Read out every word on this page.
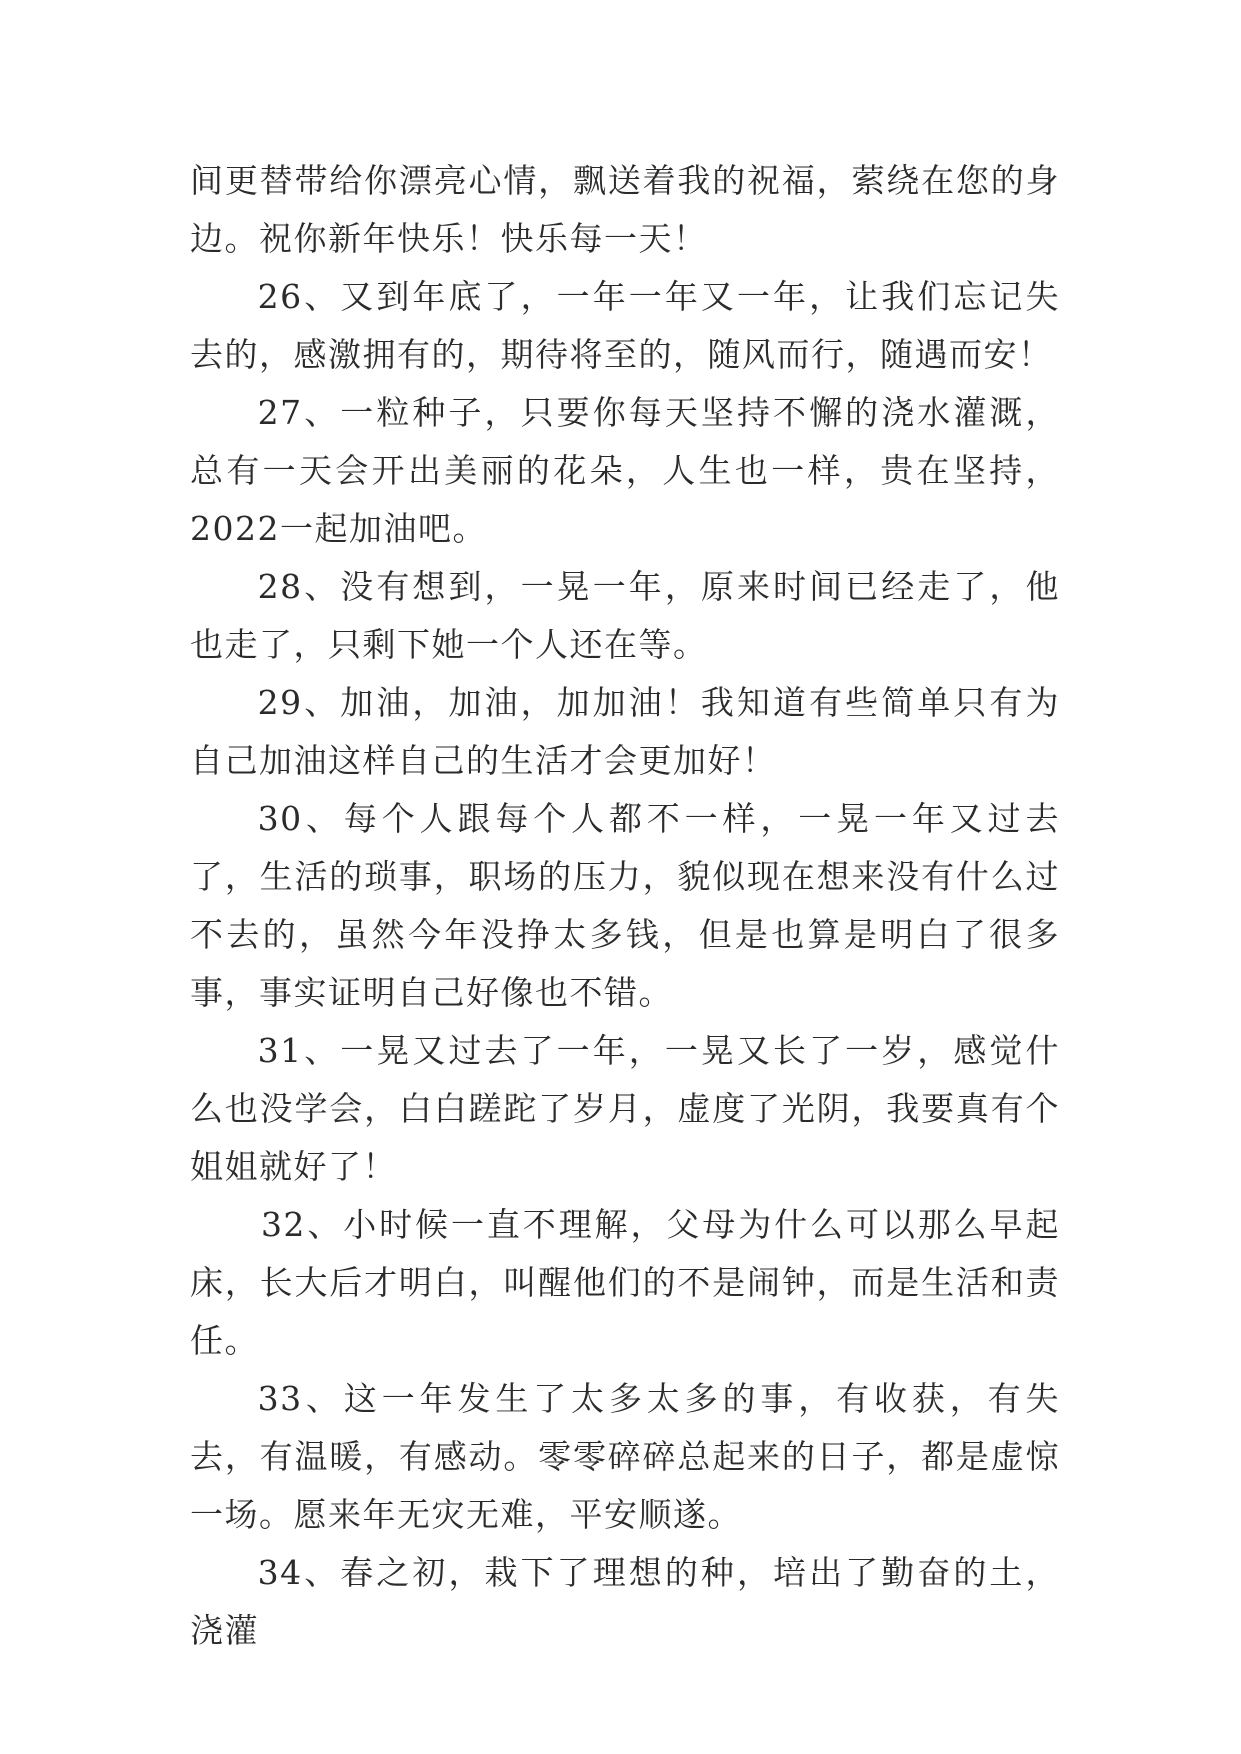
间更替带给你漂亮心情，飘送着我的祝福，萦绕在您的身边。祝你新年快乐！快乐每一天！

26、又到年底了，一年一年又一年，让我们忘记失去的，感激拥有的，期待将至的，随风而行，随遇而安！

27、一粒种子，只要你每天坚持不懈的浇水灌溉，总有一天会开出美丽的花朵，人生也一样，贵在坚持，2022一起加油吧。

28、没有想到，一晃一年，原来时间已经走了，他也走了，只剩下她一个人还在等。

29、加油，加油，加加油！我知道有些简单只有为自己加油这样自己的生活才会更加好！

30、每个人跟每个人都不一样，一晃一年又过去了，生活的琐事，职场的压力，貌似现在想来没有什么过不去的，虽然今年没挣太多钱，但是也算是明白了很多事，事实证明自己好像也不错。

31、一晃又过去了一年，一晃又长了一岁，感觉什么也没学会，白白蹉跎了岁月，虚度了光阴，我要真有个姐姐就好了！

32、小时候一直不理解，父母为什么可以那么早起床，长大后才明白，叫醒他们的不是闹钟，而是生活和责任。

33、这一年发生了太多太多的事，有收获，有失去，有温暖，有感动。零零碎碎总起来的日子，都是虚惊一场。愿来年无灾无难，平安顺遂。

34、春之初，栽下了理想的种，培出了勤奋的土，浇灌
